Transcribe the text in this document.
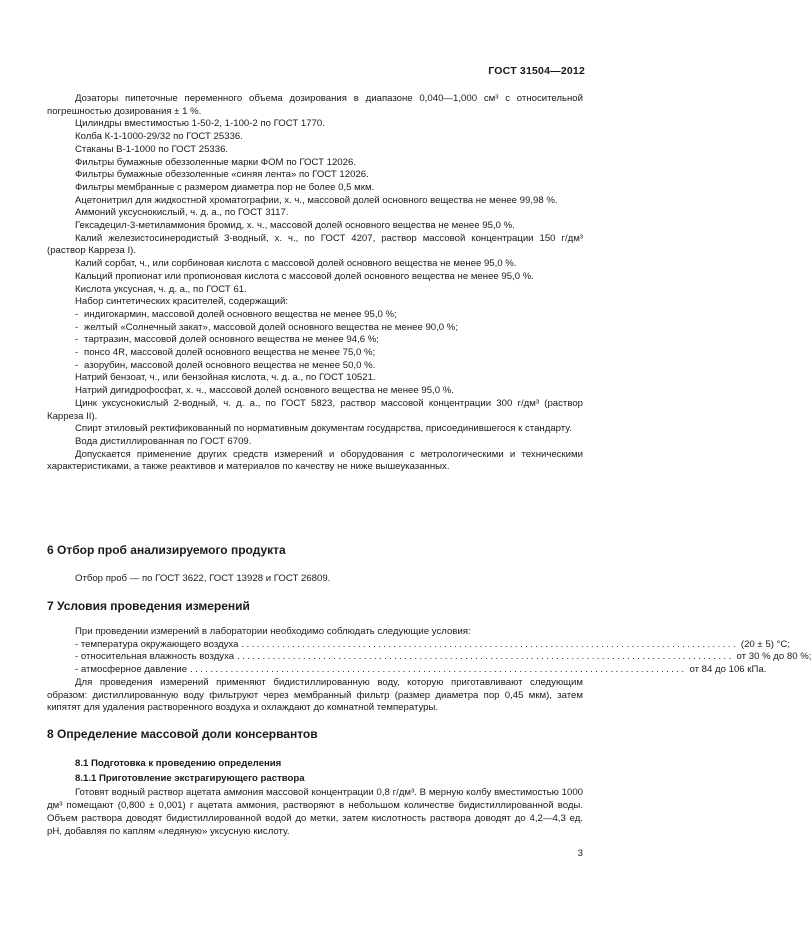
ГОСТ 31504—2012

Дозаторы пипеточные переменного объема дозирования в диапазоне 0,040—1,000 см³ с относительной погрешностью дозирования ± 1 %.

Цилиндры вместимостью 1-50-2, 1-100-2 по ГОСТ 1770.

Колба К-1-1000-29/32 по ГОСТ 25336.

Стаканы В-1-1000 по ГОСТ 25336.

Фильтры бумажные обеззоленные марки ФОМ по ГОСТ 12026.

Фильтры бумажные обеззоленные «синяя лента» по ГОСТ 12026.

Фильтры мембранные с размером диаметра пор не более 0,5 мкм.

Ацетонитрил для жидкостной хроматографии, х. ч., массовой долей основного вещества не менее 99,98 %.

Аммоний уксуснокислый, ч. д. а., по ГОСТ 3117.

Гексадецил-3-метиламмония бромид, х. ч., массовой долей основного вещества не менее 95,0 %.

Калий железистосинеродистый 3-водный, х. ч., по ГОСТ 4207, раствор массовой концентрации 150 г/дм³ (раствор Карреза I).

Калий сорбат, ч., или сорбиновая кислота с массовой долей основного вещества не менее 95,0 %.

Кальций пропионат или пропионовая кислота с массовой долей основного вещества не менее 95,0 %.

Кислота уксусная, ч. д. а., по ГОСТ 61.

Набор синтетических красителей, содержащий:

- индигокармин, массовой долей основного вещества не менее 95,0 %;

- желтый «Солнечный закат», массовой долей основного вещества не менее 90,0 %;

- тартразин, массовой долей основного вещества не менее 94,6 %;

- понсо 4R, массовой долей основного вещества не менее 75,0 %;

- азорубин, массовой долей основного вещества не менее 50,0 %.

Натрий бензоат, ч., или бензойная кислота, ч. д. а., по ГОСТ 10521.

Натрий дигидрофосфат, х. ч., массовой долей основного вещества не менее 95,0 %.

Цинк уксуснокислый 2-водный, ч. д. а., по ГОСТ 5823, раствор массовой концентрации 300 г/дм³ (раствор Карреза II).

Спирт этиловый ректификованный по нормативным документам государства, присоединившегося к стандарту.

Вода дистиллированная по ГОСТ 6709.

Допускается применение других средств измерений и оборудования с метрологическими и техническими характеристиками, а также реактивов и материалов по качеству не ниже вышеуказанных.

6 Отбор проб анализируемого продукта

Отбор проб — по ГОСТ 3622, ГОСТ 13928 и ГОСТ 26809.

7 Условия проведения измерений

При проведении измерений в лаборатории необходимо соблюдать следующие условия:

- температура окружающего воздуха .................................................................................................. (20 ± 5) °С;
- относительная влажность воздуха .................................................................................................. от 30 % до 80 %;
- атмосферное давление .................................................................................................. от 84 до 106 кПа.

Для проведения измерений применяют бидистиллированную воду, которую приготавливают следующим образом: дистиллированную воду фильтруют через мембранный фильтр (размер диаметра пор 0,45 мкм), затем кипятят для удаления растворенного воздуха и охлаждают до комнатной температуры.

8 Определение массовой доли консервантов
8.1 Подготовка к проведению определения
8.1.1 Приготовление экстрагирующего раствора

Готовят водный раствор ацетата аммония массовой концентрации 0,8 г/дм³. В мерную колбу вместимостью 1000 дм³ помещают (0,800 ± 0,001) г ацетата аммония, растворяют в небольшом количестве бидистиллированной воды. Объем раствора доводят бидистиллированной водой до метки, затем кислотность раствора доводят до 4,2—4,3 ед. рН, добавляя по каплям «ледяную» уксусную кислоту.

3
